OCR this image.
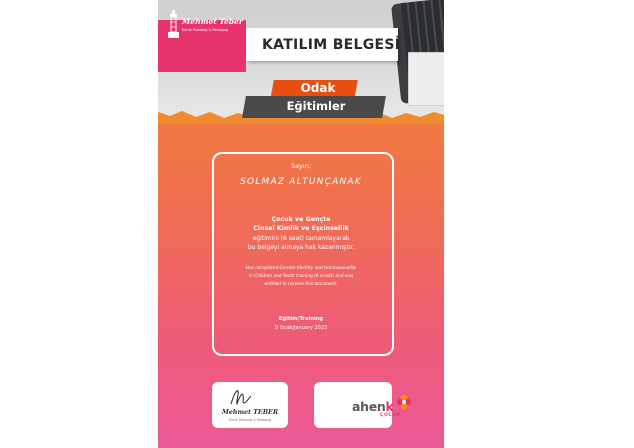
Mehmet Teber
Klinik Psikolog & Pedagog
KATILIM BELGESİ
Odak
Eğitimler
Sayın;
SOLMAZ ALTUNÇANAK
Çocuk ve Gençte
Cinsel Kimlik ve Eşcinsellik
eğitimini (6 saat) tamamlayarak
bu belgeyi almaya hak kazanmıştır.
Has completed Gender Identity and Homosexuality
in Children and Youth training (6 credit) and was
entitled to receive this document.
Eğitim/Training
9 Ocak/January 2022
Mehmet TEBER
Klinik Psikolog & Pedagog
ahenk
ÇOCUK
